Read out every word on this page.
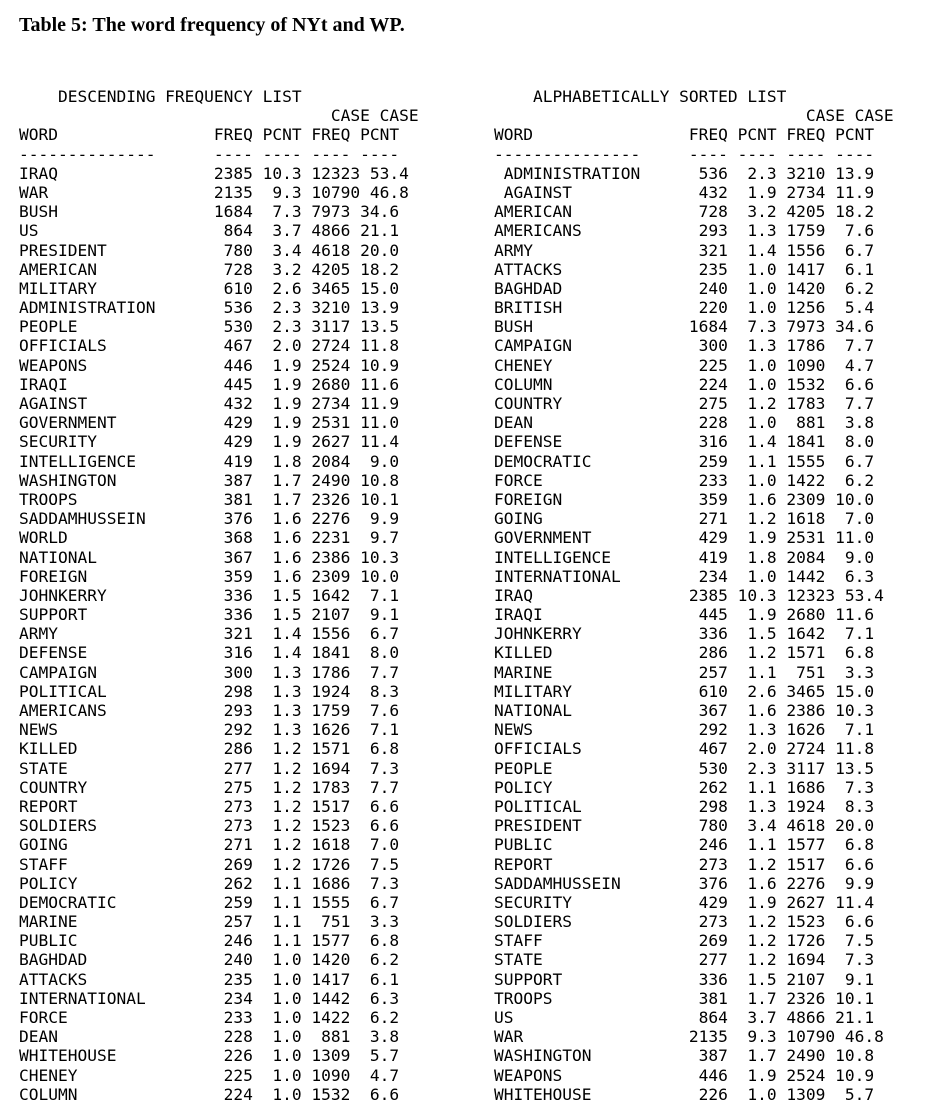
Table 5: The word frequency of NYt and WP.
DESCENDING FREQUENCY LIST
CASE CASE
WORD                FREQ PCNT FREQ PCNT
--------------      ---- ---- ---- ----
IRAQ                2385 10.3 12323 53.4
WAR                 2135  9.3 10790 46.8
BUSH                1684  7.3 7973 34.6
US                   864  3.7 4866 21.1
PRESIDENT            780  3.4 4618 20.0
AMERICAN             728  3.2 4205 18.2
MILITARY             610  2.6 3465 15.0
ADMINISTRATION       536  2.3 3210 13.9
PEOPLE               530  2.3 3117 13.5
OFFICIALS            467  2.0 2724 11.8
WEAPONS              446  1.9 2524 10.9
IRAQI                445  1.9 2680 11.6
AGAINST              432  1.9 2734 11.9
GOVERNMENT           429  1.9 2531 11.0
SECURITY             429  1.9 2627 11.4
INTELLIGENCE         419  1.8 2084  9.0
WASHINGTON           387  1.7 2490 10.8
TROOPS               381  1.7 2326 10.1
SADDAMHUSSEIN        376  1.6 2276  9.9
WORLD                368  1.6 2231  9.7
NATIONAL             367  1.6 2386 10.3
FOREIGN              359  1.6 2309 10.0
JOHNKERRY            336  1.5 1642  7.1
SUPPORT              336  1.5 2107  9.1
ARMY                 321  1.4 1556  6.7
DEFENSE              316  1.4 1841  8.0
CAMPAIGN             300  1.3 1786  7.7
POLITICAL            298  1.3 1924  8.3
AMERICANS            293  1.3 1759  7.6
NEWS                 292  1.3 1626  7.1
KILLED               286  1.2 1571  6.8
STATE                277  1.2 1694  7.3
COUNTRY              275  1.2 1783  7.7
REPORT               273  1.2 1517  6.6
SOLDIERS             273  1.2 1523  6.6
GOING                271  1.2 1618  7.0
STAFF                269  1.2 1726  7.5
POLICY               262  1.1 1686  7.3
DEMOCRATIC           259  1.1 1555  6.7
MARINE               257  1.1  751  3.3
PUBLIC               246  1.1 1577  6.8
BAGHDAD              240  1.0 1420  6.2
ATTACKS              235  1.0 1417  6.1
INTERNATIONAL        234  1.0 1442  6.3
FORCE                233  1.0 1422  6.2
DEAN                 228  1.0  881  3.8
WHITEHOUSE           226  1.0 1309  5.7
CHENEY               225  1.0 1090  4.7
COLUMN               224  1.0 1532  6.6
ALPHABETICALLY SORTED LIST
CASE CASE
WORD                FREQ PCNT FREQ PCNT
---------------     ---- ---- ---- ----
ADMINISTRATION      536  2.3 3210 13.9
AGAINST             432  1.9 2734 11.9
AMERICAN             728  3.2 4205 18.2
AMERICANS            293  1.3 1759  7.6
ARMY                 321  1.4 1556  6.7
ATTACKS              235  1.0 1417  6.1
BAGHDAD              240  1.0 1420  6.2
BRITISH              220  1.0 1256  5.4
BUSH                1684  7.3 7973 34.6
CAMPAIGN             300  1.3 1786  7.7
CHENEY               225  1.0 1090  4.7
COLUMN               224  1.0 1532  6.6
COUNTRY              275  1.2 1783  7.7
DEAN                 228  1.0  881  3.8
DEFENSE              316  1.4 1841  8.0
DEMOCRATIC           259  1.1 1555  6.7
FORCE                233  1.0 1422  6.2
FOREIGN              359  1.6 2309 10.0
GOING                271  1.2 1618  7.0
GOVERNMENT           429  1.9 2531 11.0
INTELLIGENCE         419  1.8 2084  9.0
INTERNATIONAL        234  1.0 1442  6.3
IRAQ                2385 10.3 12323 53.4
IRAQI                445  1.9 2680 11.6
JOHNKERRY            336  1.5 1642  7.1
KILLED               286  1.2 1571  6.8
MARINE               257  1.1  751  3.3
MILITARY             610  2.6 3465 15.0
NATIONAL             367  1.6 2386 10.3
NEWS                 292  1.3 1626  7.1
OFFICIALS            467  2.0 2724 11.8
PEOPLE               530  2.3 3117 13.5
POLICY               262  1.1 1686  7.3
POLITICAL            298  1.3 1924  8.3
PRESIDENT            780  3.4 4618 20.0
PUBLIC               246  1.1 1577  6.8
REPORT               273  1.2 1517  6.6
SADDAMHUSSEIN        376  1.6 2276  9.9
SECURITY             429  1.9 2627 11.4
SOLDIERS             273  1.2 1523  6.6
STAFF                269  1.2 1726  7.5
STATE                277  1.2 1694  7.3
SUPPORT              336  1.5 2107  9.1
TROOPS               381  1.7 2326 10.1
US                   864  3.7 4866 21.1
WAR                 2135  9.3 10790 46.8
WASHINGTON           387  1.7 2490 10.8
WEAPONS              446  1.9 2524 10.9
WHITEHOUSE           226  1.0 1309  5.7
